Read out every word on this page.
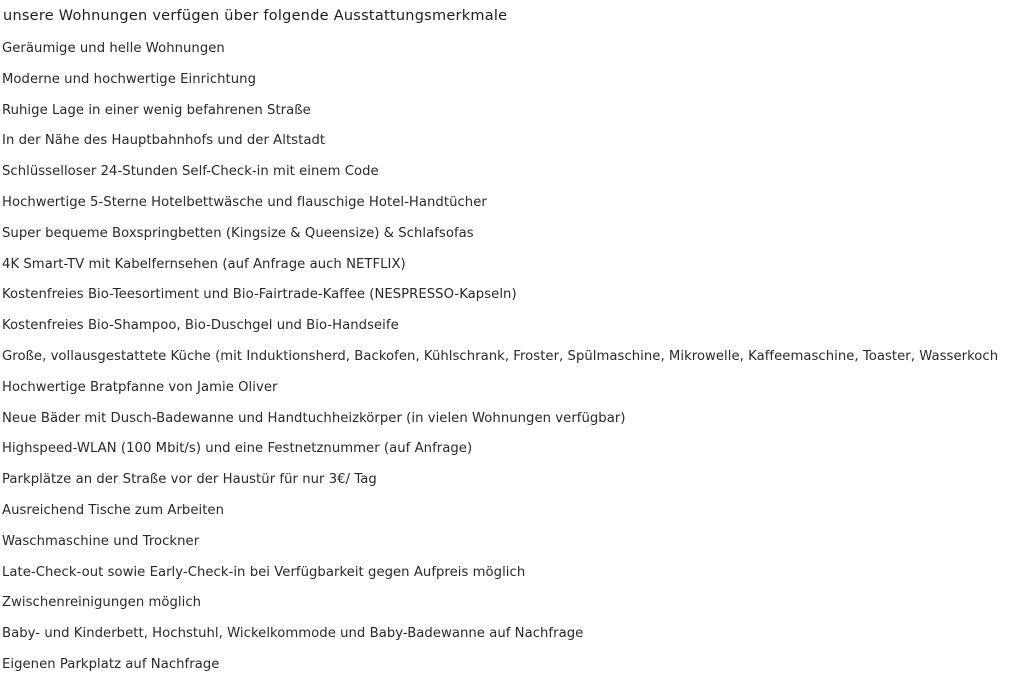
unsere Wohnungen verfügen über folgende Ausstattungsmerkmale
Geräumige und helle Wohnungen
Moderne und hochwertige Einrichtung
Ruhige Lage in einer wenig befahrenen Straße
In der Nähe des Hauptbahnhofs und der Altstadt
Schlüsselloser 24-Stunden Self-Check-in mit einem Code
Hochwertige 5-Sterne Hotelbettwäsche und flauschige Hotel-Handtücher
Super bequeme Boxspringbetten (Kingsize & Queensize) & Schlafsofas
4K Smart-TV mit Kabelfernsehen (auf Anfrage auch NETFLIX)
Kostenfreies Bio-Teesortiment und Bio-Fairtrade-Kaffee (NESPRESSO-Kapseln)
Kostenfreies Bio-Shampoo, Bio-Duschgel und Bio-Handseife
Große, vollausgestattete Küche (mit Induktionsherd, Backofen, Kühlschrank, Froster, Spülmaschine, Mikrowelle, Kaffeemaschine, Toaster, Wasserkoch
Hochwertige Bratpfanne von Jamie Oliver
Neue Bäder mit Dusch-Badewanne und Handtuchheizkörper (in vielen Wohnungen verfügbar)
Highspeed-WLAN (100 Mbit/s) und eine Festnetznummer (auf Anfrage)
Parkplätze an der Straße vor der Haustür für nur 3€/ Tag
Ausreichend Tische zum Arbeiten
Waschmaschine und Trockner
Late-Check-out sowie Early-Check-in bei Verfügbarkeit gegen Aufpreis möglich
Zwischenreinigungen möglich
Baby- und Kinderbett, Hochstuhl, Wickelkommode und Baby-Badewanne auf Nachfrage
Eigenen Parkplatz auf Nachfrage
